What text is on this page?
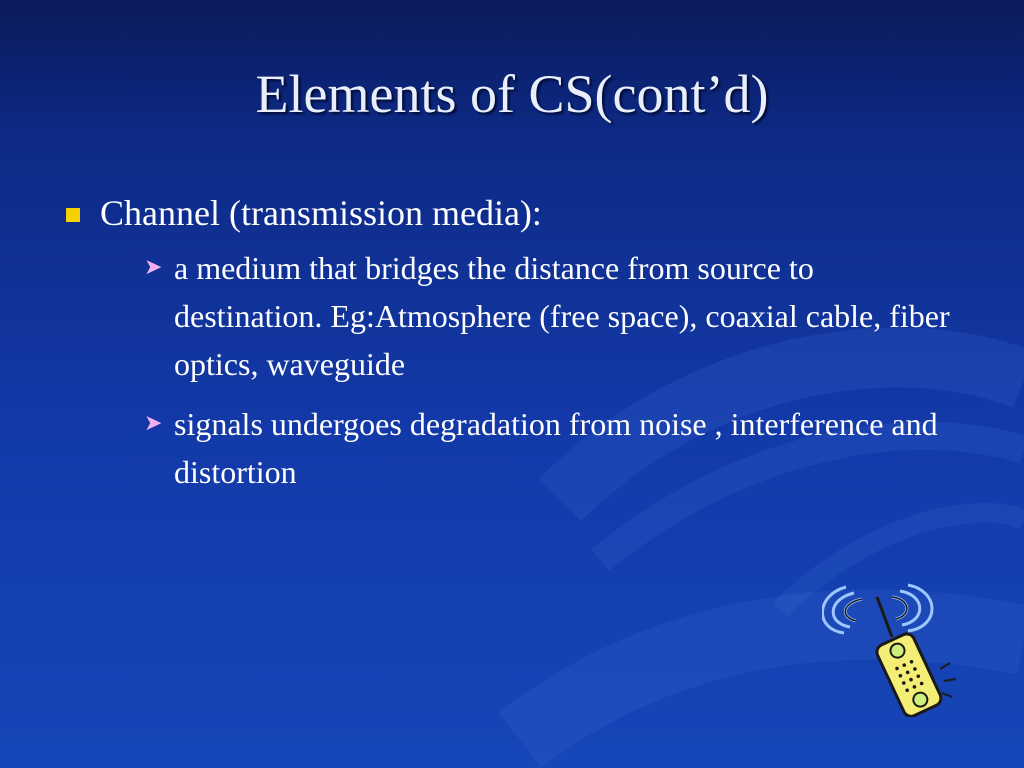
Elements of CS(cont’d)
Channel (transmission media):
➤ a medium that bridges the distance from source to destination. Eg:Atmosphere (free space), coaxial cable, fiber optics, waveguide
➤ signals undergoes degradation from noise , interference and distortion
